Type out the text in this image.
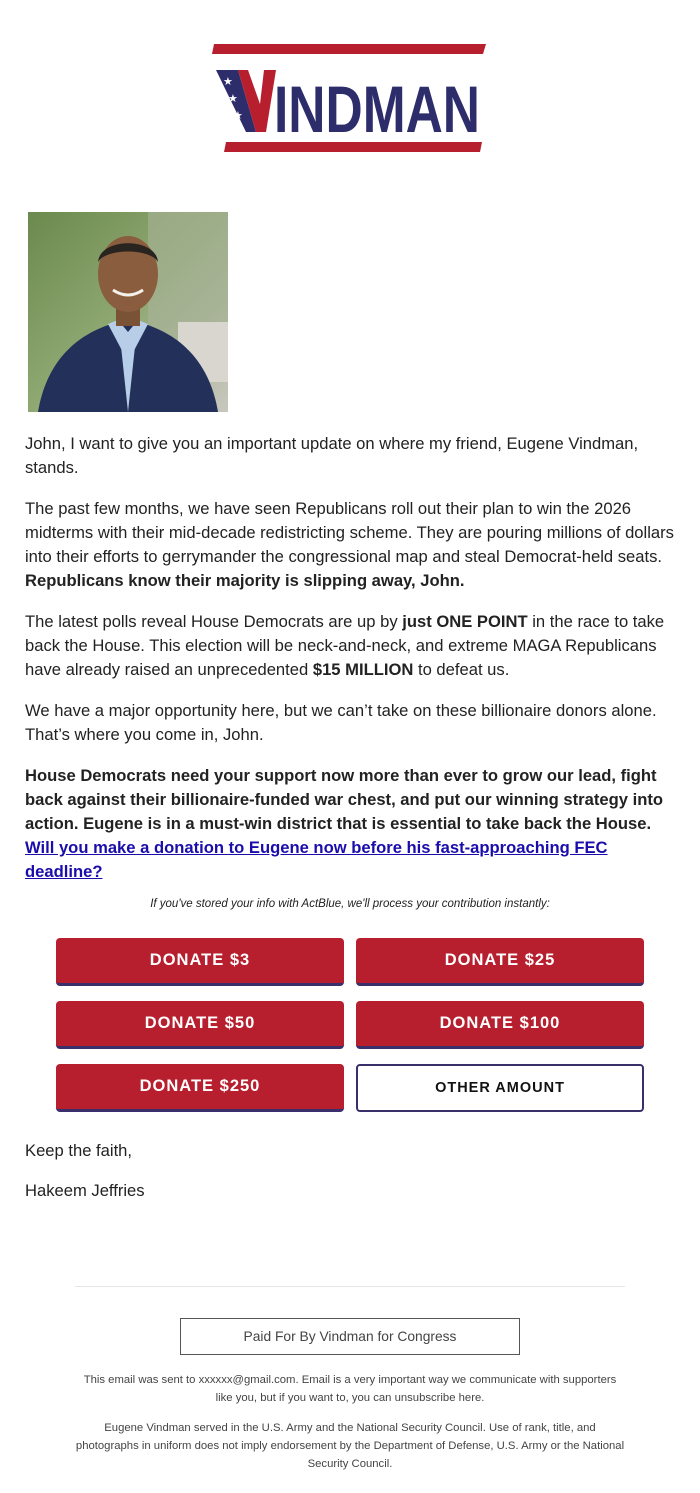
★
★
★ INDMAN

John, I want to give you an important update on where my friend, Eugene Vindman, stands.

The past few months, we have seen Republicans roll out their plan to win the 2026 midterms with their mid-decade redistricting scheme. They are pouring millions of dollars into their efforts to gerrymander the congressional map and steal Democrat-held seats. Republicans know their majority is slipping away, John.

The latest polls reveal House Democrats are up by just ONE POINT in the race to take back the House. This election will be neck-and-neck, and extreme MAGA Republicans have already raised an unprecedented $15 MILLION to defeat us.

We have a major opportunity here, but we can’t take on these billionaire donors alone. That’s where you come in, John.

House Democrats need your support now more than ever to grow our lead, fight back against their billionaire-funded war chest, and put our winning strategy into action. Eugene is in a must-win district that is essential to take back the House. Will you make a donation to Eugene now before his fast-approaching FEC deadline?

If you've stored your info with ActBlue, we'll process your contribution instantly:
DONATE $3	DONATE $25
DONATE $50	DONATE $100
DONATE $250	OTHER AMOUNT

Keep the faith,

Hakeem Jeffries

Paid For By Vindman for Congress
This email was sent to xxxxxx@gmail.com. Email is a very important way we communicate with supporters like you, but if you want to, you can unsubscribe here.
Eugene Vindman served in the U.S. Army and the National Security Council. Use of rank, title, and photographs in uniform does not imply endorsement by the Department of Defense, U.S. Army or the National Security Council.
